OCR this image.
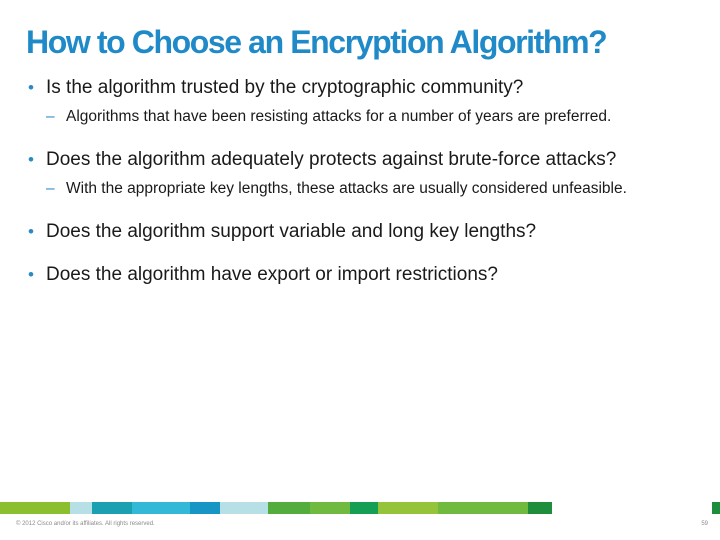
How to Choose an Encryption Algorithm?
• Is the algorithm trusted by the cryptographic community?
– Algorithms that have been resisting attacks for a number of years are preferred.
• Does the algorithm adequately protects against brute-force attacks?
– With the appropriate key lengths, these attacks are usually considered unfeasible.
• Does the algorithm support variable and long key lengths?
• Does the algorithm have export or import restrictions?
© 2012 Cisco and/or its affiliates. All rights reserved.	59
